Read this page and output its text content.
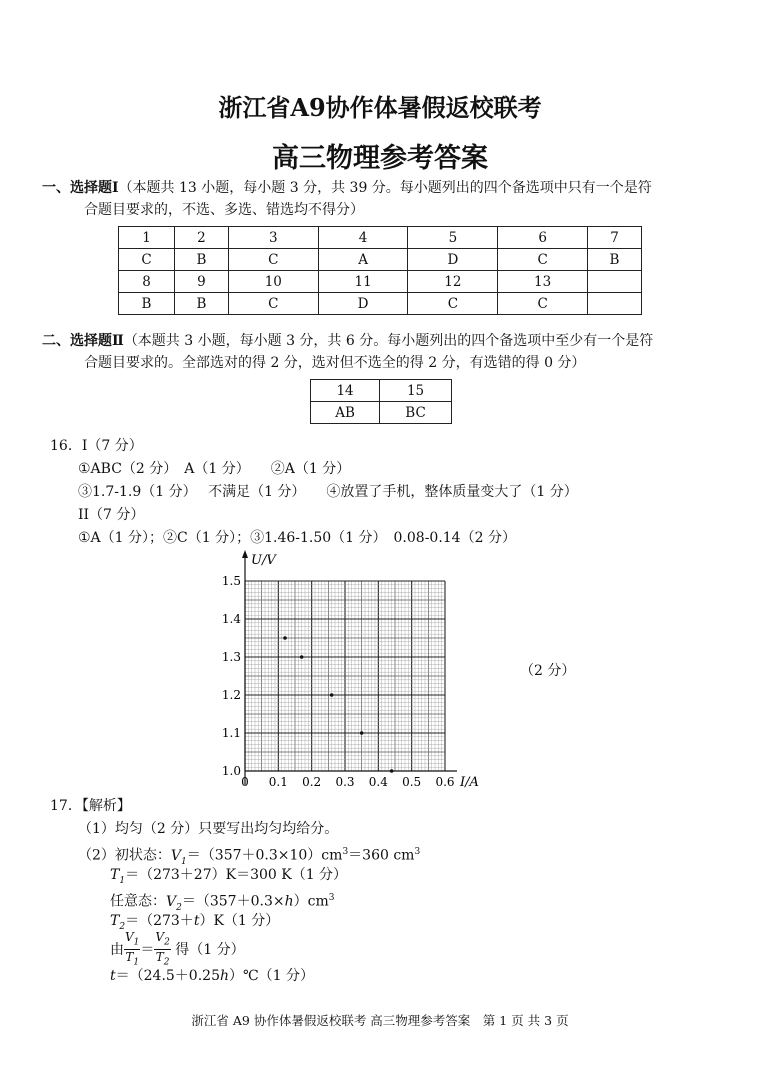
浙江省A9协作体暑假返校联考
高三物理参考答案
一、选择题Ⅰ（本题共 13 小题，每小题 3 分，共 39 分。每小题列出的四个备选项中只有一个是符
合题目要求的，不选、多选、错选均不得分）
1	2	3	4	5	6	7
C	B	C	A	D	C	B
8	9	10	11	12	13	
B	B	C	D	C	C	
二、选择题Ⅱ（本题共 3 小题，每小题 3 分，共 6 分。每小题列出的四个备选项中至少有一个是符
合题目要求的。全部选对的得 2 分，选对但不选全的得 2 分，有选错的得 0 分）
14	15
AB	BC
16．I（7 分）
①ABC（2 分）　A（1 分）　　②A（1 分）
③1.7-1.9（1 分）　 不满足（1 分）　　④放置了手机，整体质量变大了（1 分）
II（7 分）
①A（1 分）；②C（1 分）；③1.46-1.50（1 分）　0.08-0.14（2 分）
0 0.1 0.2 0.3 0.4 0.5 0.6
1.0
1.1
1.2
1.3
1.4
1.5
U/V
I/A
（2 分）
17．【解析】
（1）均匀（2 分）只要写出均匀均给分。
（2）初状态：$V_1=(357+0.3\times 10)cm^3=360$ $cm^3$
$T_1=(273+27)K=300$ K（1 分）
任意态：$V_2=(357+0.3\times h)cm^3$
$T_2=(273+t)K(1$ 分）
由 $\frac{V_1}{T_1} = \frac{V_2}{T_2}$ 得（1 分）
t＝（24.5＋0.25h）℃（1 分）
浙江省 A9 协作体暑假返校联考 高三物理参考答案　第 1 页 共 3 页
